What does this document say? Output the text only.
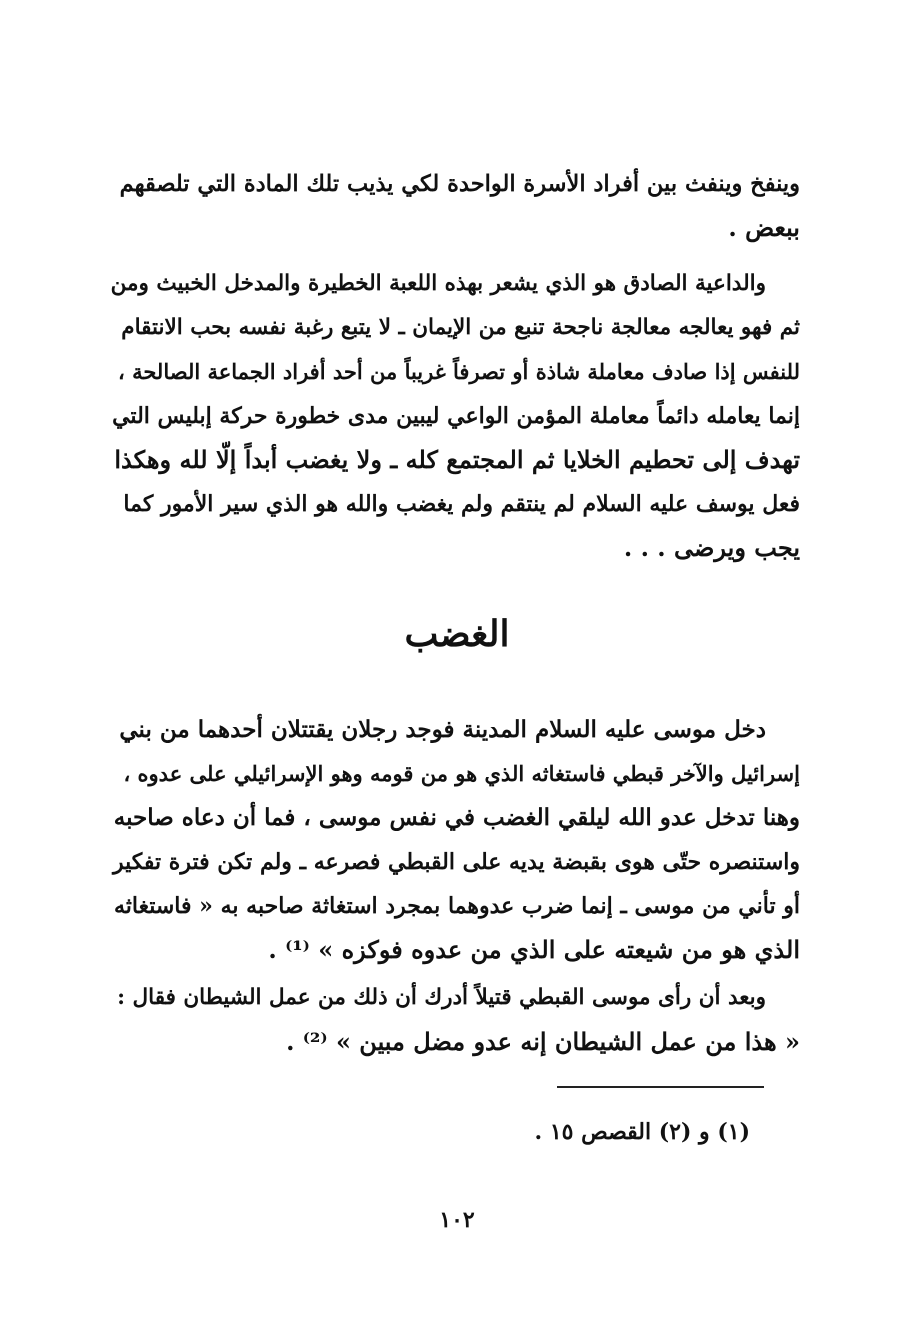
وينفخ وينفث بين أفراد الأسرة الواحدة لكي يذيب تلك المادة التي تلصقهم
ببعض .
والداعية الصادق هو الذي يشعر بهذه اللعبة الخطيرة والمدخل الخبيث ومن
ثم فهو يعالجه معالجة ناجحة تنبع من الإيمان ـ لا يتبع رغبة نفسه بحب الانتقام
للنفس إذا صادف معاملة شاذة أو تصرفاً غريباً من أحد أفراد الجماعة الصالحة ،
إنما يعامله دائماً معاملة المؤمن الواعي ليبين مدى خطورة حركة إبليس التي
تهدف إلى تحطيم الخلايا ثم المجتمع كله ـ ولا يغضب أبداً إلّا لله وهكذا
فعل يوسف عليه السلام لم ينتقم ولم يغضب والله هو الذي سير الأمور كما
يجب ويرضى . . .
الغضب
دخل موسى عليه السلام المدينة فوجد رجلان يقتتلان أحدهما من بني
إسرائيل والآخر قبطي فاستغاثه الذي هو من قومه وهو الإسرائيلي على عدوه ،
وهنا تدخل عدو الله ليلقي الغضب في نفس موسى ، فما أن دعاه صاحبه
واستنصره حتّى هوى بقبضة يديه على القبطي فصرعه ـ ولم تكن فترة تفكير
أو تأني من موسى ـ إنما ضرب عدوهما بمجرد استغاثة صاحبه به « فاستغاثه
الذي هو من شيعته على الذي من عدوه فوكزه » ⁽¹⁾ .
وبعد أن رأى موسى القبطي قتيلاً أدرك أن ذلك من عمل الشيطان فقال :
« هذا من عمل الشيطان إنه عدو مضل مبين » ⁽²⁾ .
(١) و (٢) القصص ١٥ .
١٠٢
